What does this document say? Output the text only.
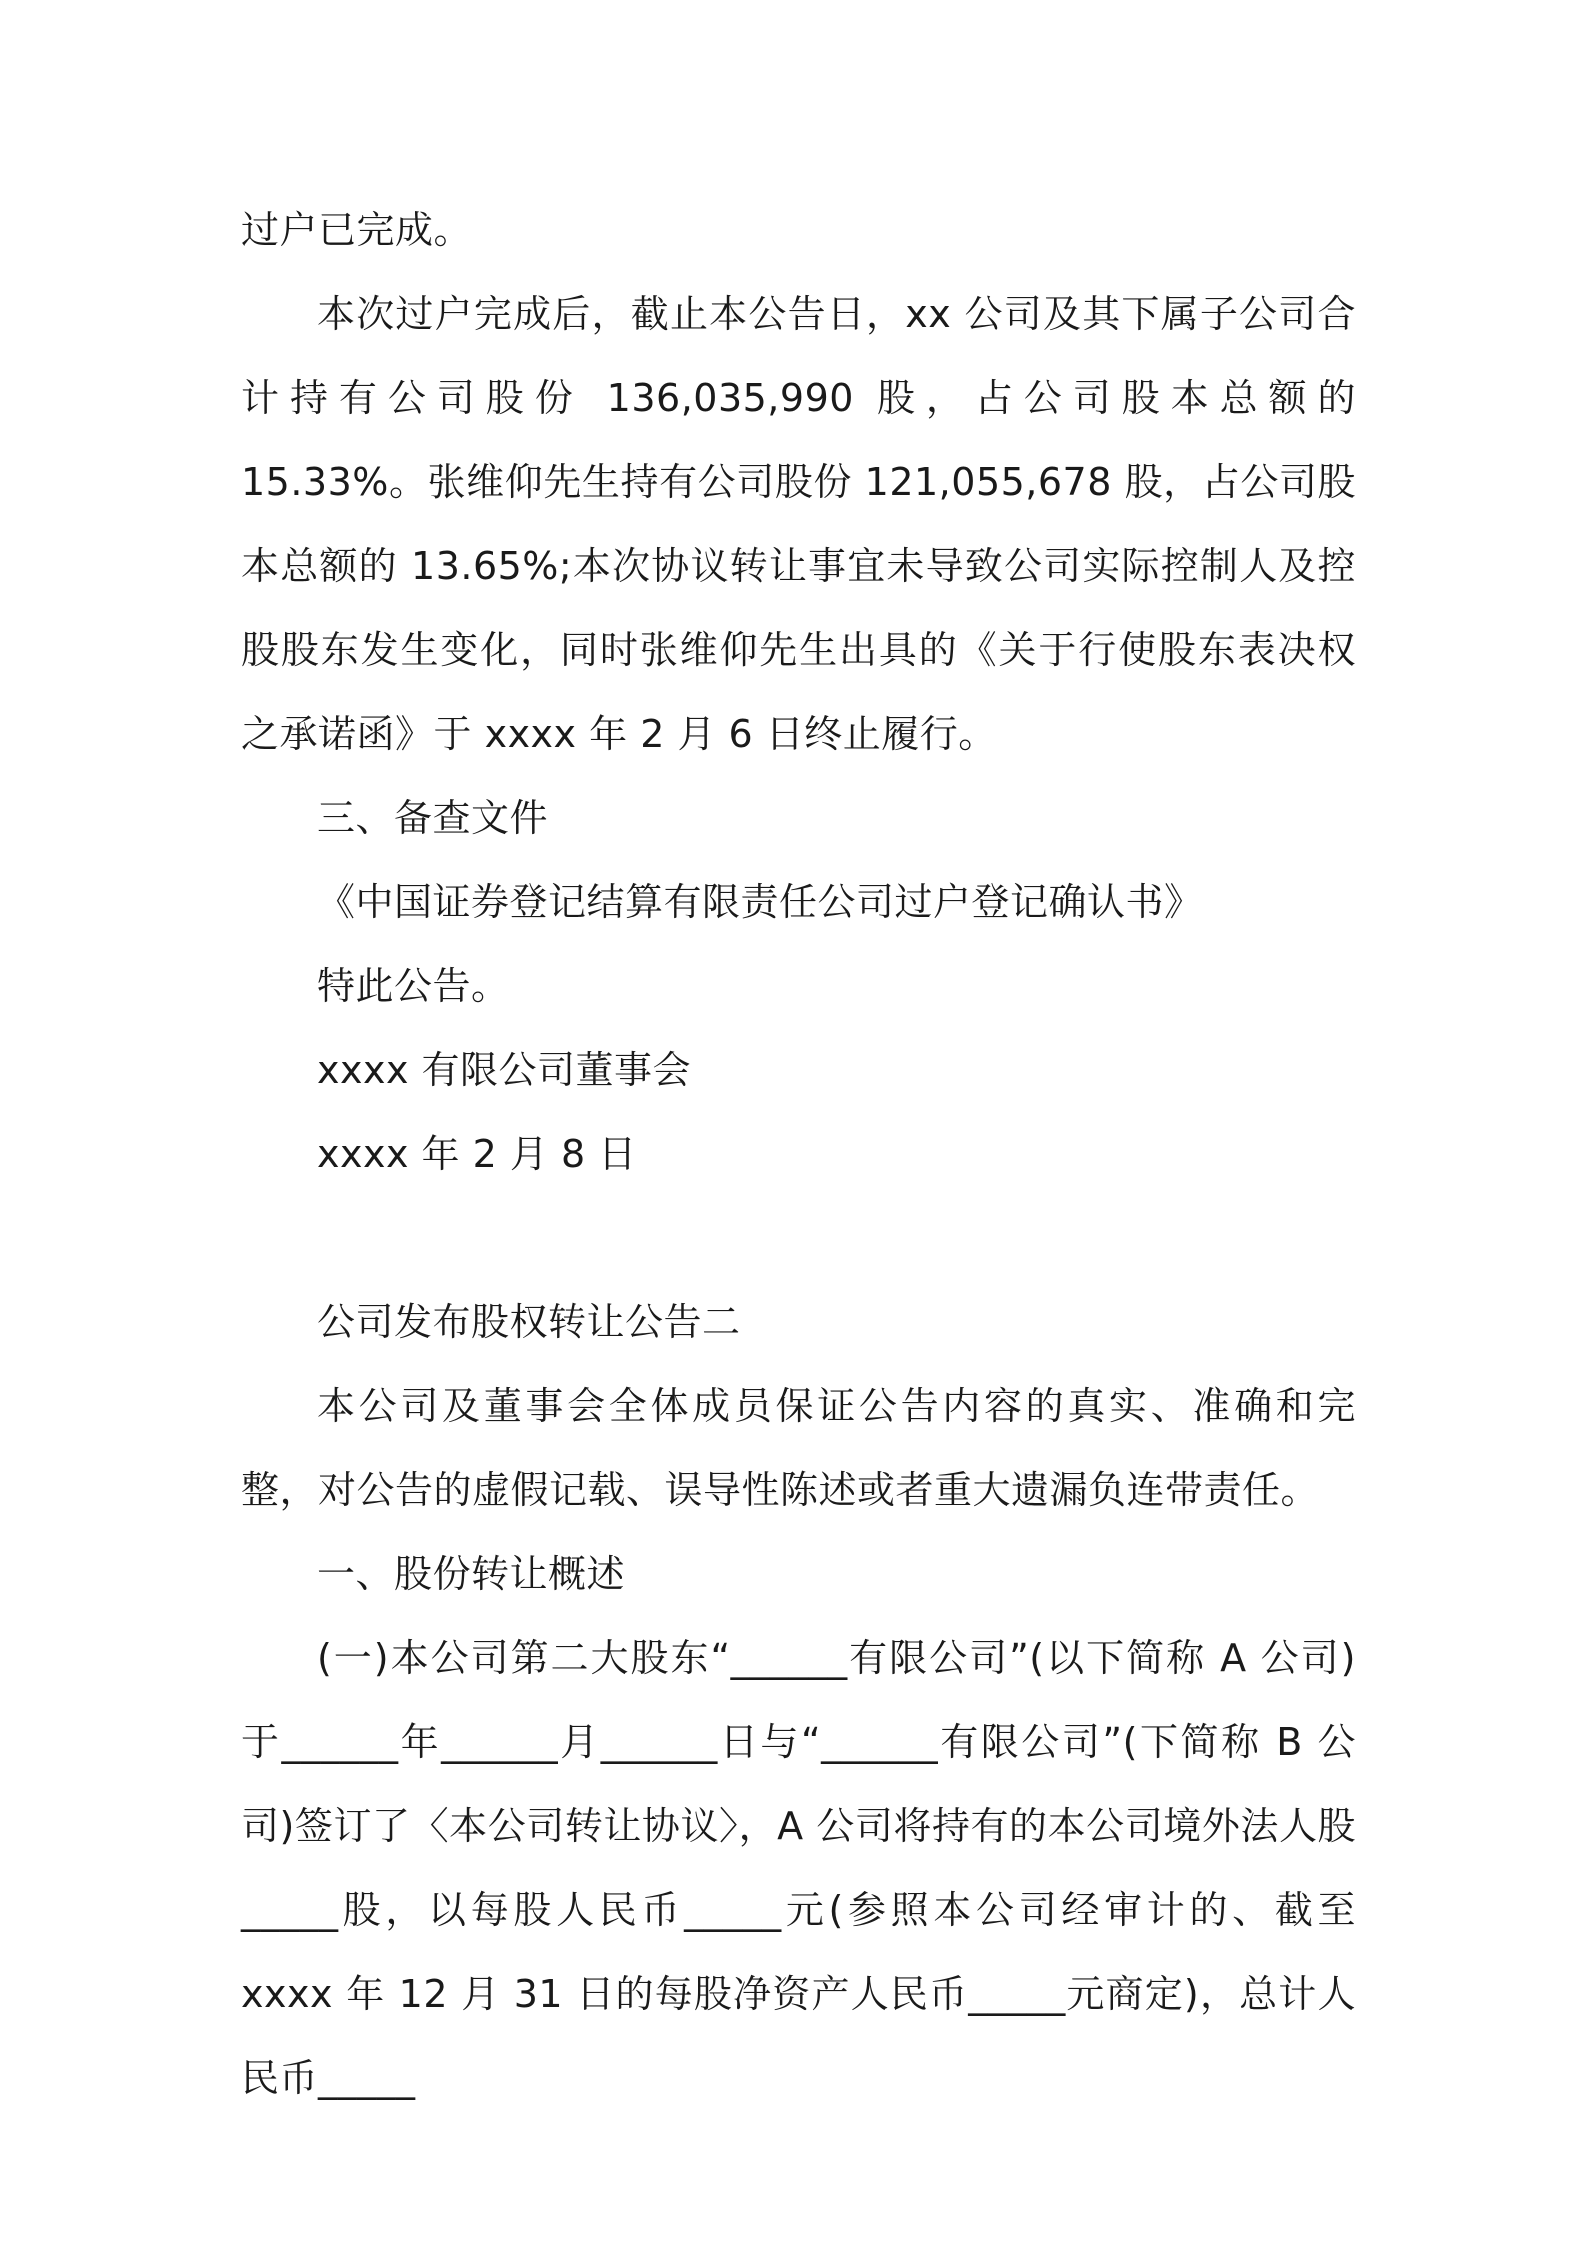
过户已完成。

本次过户完成后，截止本公告日，xx 公司及其下属子公司合计持有公司股份 136,035,990 股，占公司股本总额的 15.33%。张维仰先生持有公司股份 121,055,678 股，占公司股本总额的 13.65%;本次协议转让事宜未导致公司实际控制人及控股股东发生变化，同时张维仰先生出具的《关于行使股东表决权之承诺函》于 xxxx 年 2 月 6 日终止履行。

三、备查文件

《中国证券登记结算有限责任公司过户登记确认书》

特此公告。

xxxx 有限公司董事会

xxxx 年 2 月 8 日

公司发布股权转让公告二

本公司及董事会全体成员保证公告内容的真实、准确和完整，对公告的虚假记载、误导性陈述或者重大遗漏负连带责任。

一、股份转让概述

(一)本公司第二大股东“______有限公司”(以下简称 A 公司)于______年______月______日与“______有限公司”(下简称 B 公司)签订了〈本公司转让协议〉，A 公司将持有的本公司境外法人股_____股，以每股人民币_____元(参照本公司经审计的、截至 xxxx 年 12 月 31 日的每股净资产人民币_____元商定)，总计人民币_____
